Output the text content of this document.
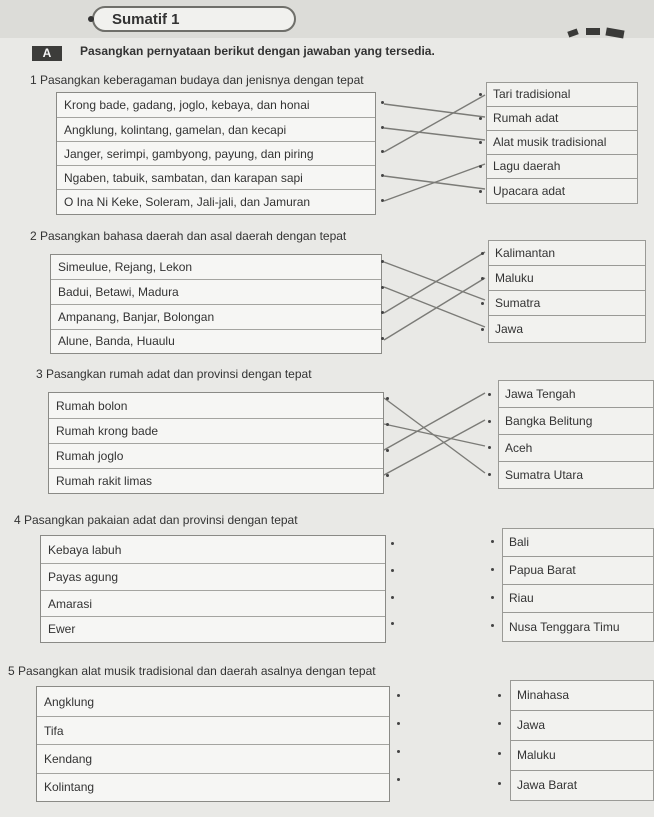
Sumatif 1
A	Pasangkan pernyataan berikut dengan jawaban yang tersedia.
1 Pasangkan keberagaman budaya dan jenisnya dengan tepat
Krong bade, gadang, joglo, kebaya, dan honai
Angklung, kolintang, gamelan, dan kecapi
Janger, serimpi, gambyong, payung, dan piring
Ngaben, tabuik, sambatan, dan karapan sapi
O Ina Ni Keke, Soleram, Jali-jali, dan Jamuran
Tari tradisional
Rumah adat
Alat musik tradisional
Lagu daerah
Upacara adat
2 Pasangkan bahasa daerah dan asal daerah dengan tepat
Simeulue, Rejang, Lekon
Badui, Betawi, Madura
Ampanang, Banjar, Bolongan
Alune, Banda, Huaulu
Kalimantan
Maluku
Sumatra
Jawa
3 Pasangkan rumah adat dan provinsi dengan tepat
Rumah bolon
Rumah krong bade
Rumah joglo
Rumah rakit limas
Jawa Tengah
Bangka Belitung
Aceh
Sumatra Utara
4 Pasangkan pakaian adat dan provinsi dengan tepat
Kebaya labuh
Payas agung
Amarasi
Ewer
Bali
Papua Barat
Riau
Nusa Tenggara Timu
5 Pasangkan alat musik tradisional dan daerah asalnya dengan tepat
Angklung
Tifa
Kendang
Kolintang
Minahasa
Jawa
Maluku
Jawa Barat
